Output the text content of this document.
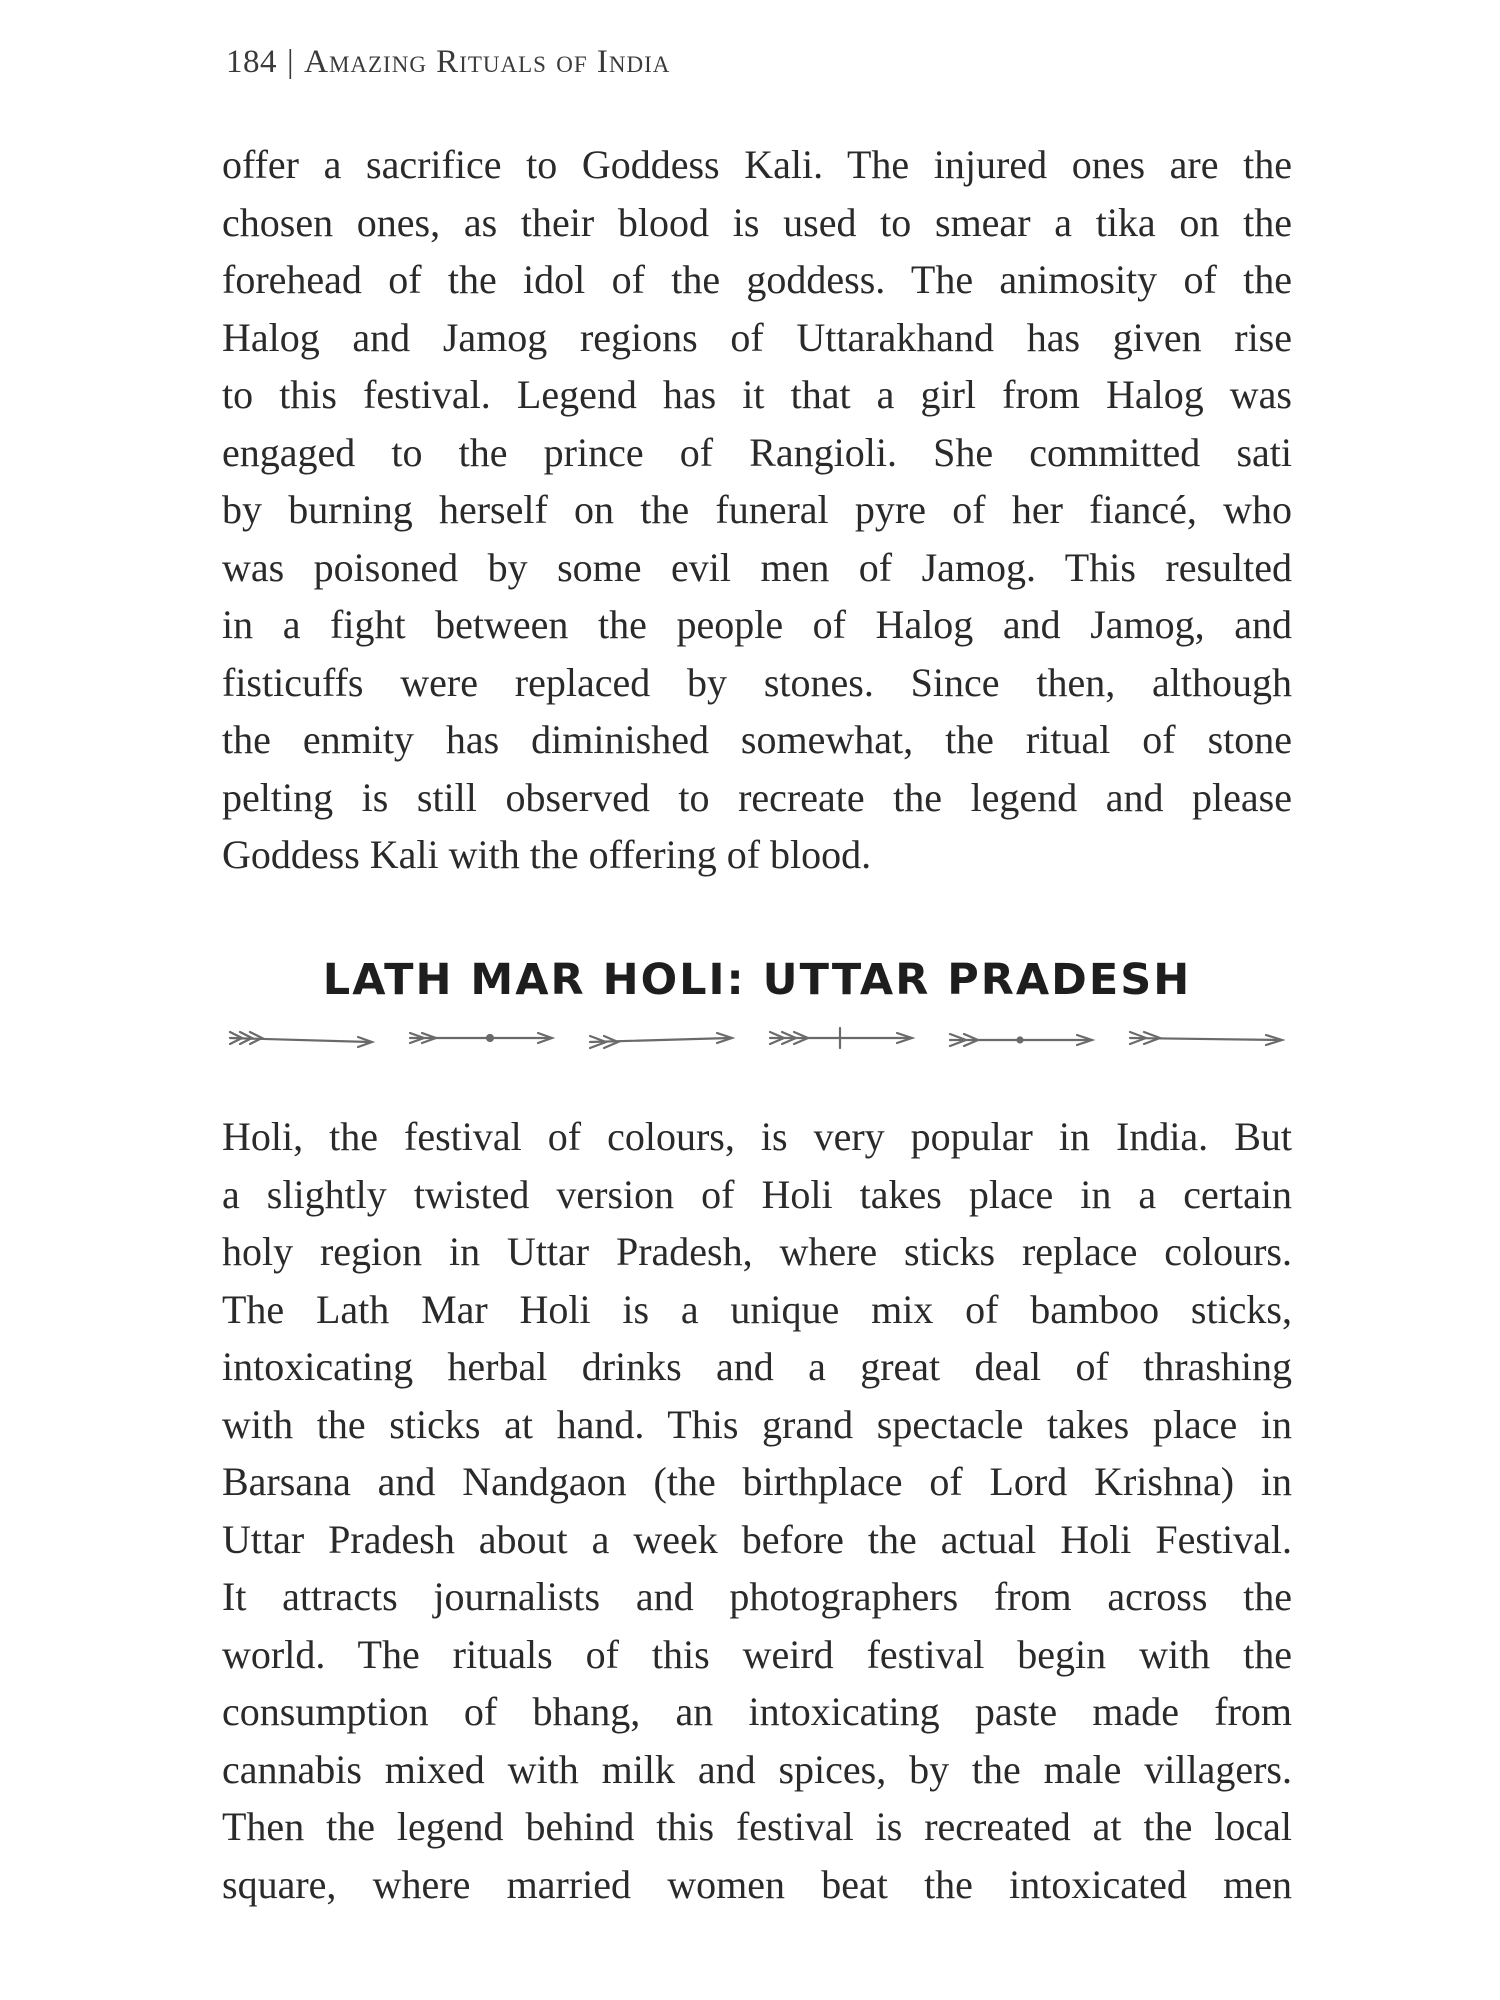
184 | Amazing Rituals of India
offer a sacrifice to Goddess Kali. The injured ones are the
chosen ones, as their blood is used to smear a tika on the
forehead of the idol of the goddess. The animosity of the
Halog and Jamog regions of Uttarakhand has given rise
to this festival. Legend has it that a girl from Halog was
engaged to the prince of Rangioli. She committed sati
by burning herself on the funeral pyre of her fiancé, who
was poisoned by some evil men of Jamog. This resulted
in a fight between the people of Halog and Jamog, and
fisticuffs were replaced by stones. Since then, although
the enmity has diminished somewhat, the ritual of stone
pelting is still observed to recreate the legend and please
Goddess Kali with the offering of blood.
LATH MAR HOLI: UTTAR PRADESH
Holi, the festival of colours, is very popular in India. But
a slightly twisted version of Holi takes place in a certain
holy region in Uttar Pradesh, where sticks replace colours.
The Lath Mar Holi is a unique mix of bamboo sticks,
intoxicating herbal drinks and a great deal of thrashing
with the sticks at hand. This grand spectacle takes place in
Barsana and Nandgaon (the birthplace of Lord Krishna) in
Uttar Pradesh about a week before the actual Holi Festival.
It attracts journalists and photographers from across the
world. The rituals of this weird festival begin with the
consumption of bhang, an intoxicating paste made from
cannabis mixed with milk and spices, by the male villagers.
Then the legend behind this festival is recreated at the local
square, where married women beat the intoxicated men
